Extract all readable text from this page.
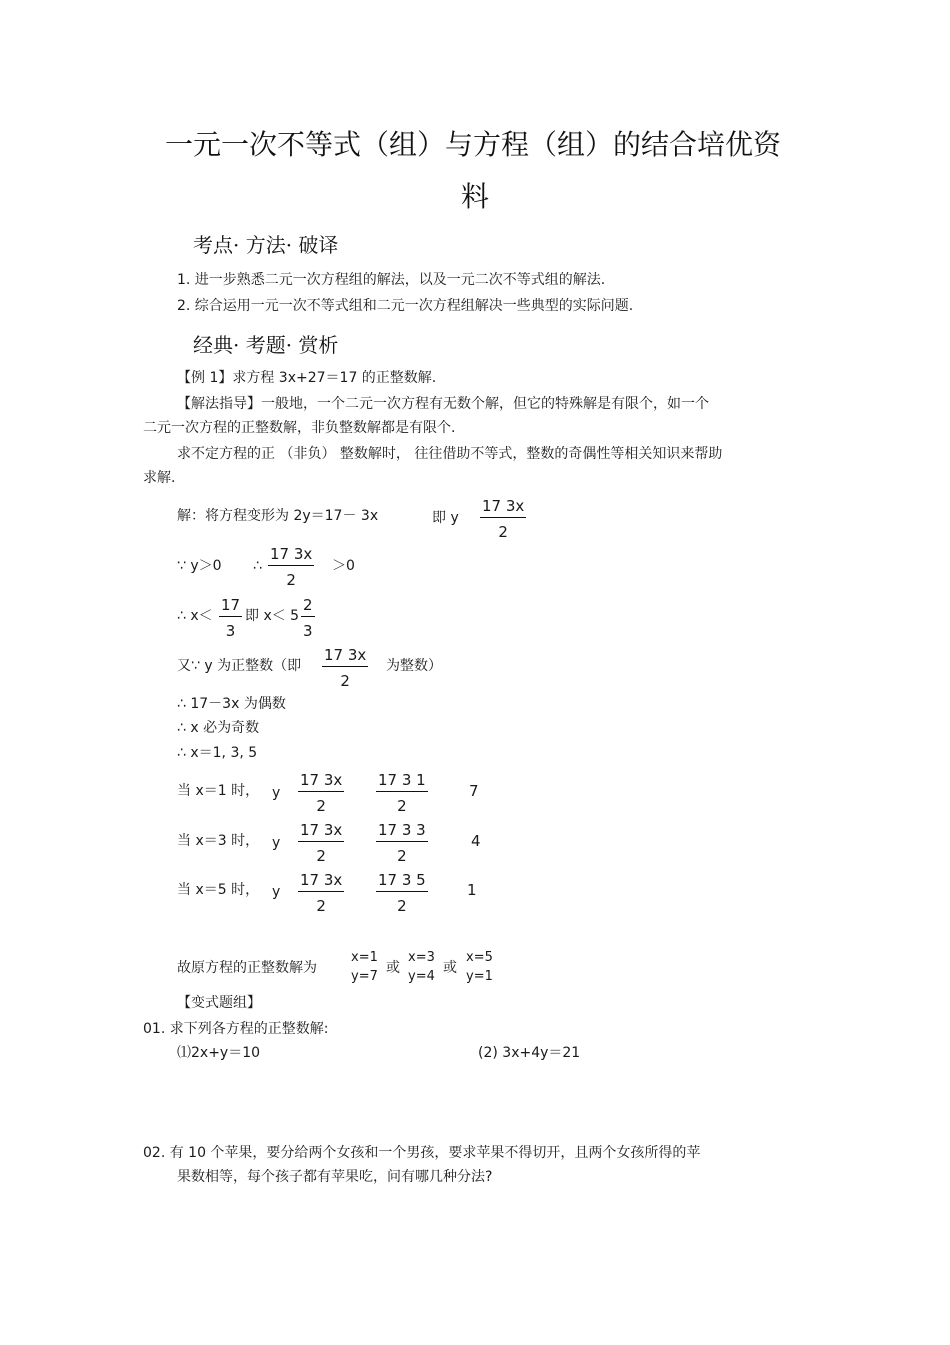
一元一次不等式（组）与方程（组）的结合培优资
料
考点· 方法· 破译
1. 进一步熟悉二元一次方程组的解法，以及一元二次不等式组的解法.
2. 综合运用一元一次不等式组和二元一次方程组解决一些典型的实际问题.
经典· 考题· 赏析
【例 1】求方程 3x+27＝17 的正整数解.
【解法指导】一般地，一个二元一次方程有无数个解，但它的特殊解是有限个，如一个
二元一次方程的正整数解，非负整数解都是有限个.
求不定方程的正 （非负） 整数解时， 往往借助不等式，整数的奇偶性等相关知识来帮助
求解.
解：将方程变形为 2y＝17－ 3x	即 y $\frac{17 3x}{2}$
∵ y＞0 ∴ $\frac{17 3x}{2} >0$
∴ $x< \frac{17}{3}$ 即 $x< 5 \frac{2}{3}$
又∵ y 为正整数（即 $\frac{17 3x}{2}$ 为整数）
∴ 17－3x 为偶数
∴ x 必为奇数
∴ x＝1, 3, 5
当 x＝1 时， y $\frac{17 3x}{2} \frac{17 3 1}{2}$	7
当 x＝3 时， y $\frac{17 3x}{2} \frac{17 3 3}{2}$	4
当 x＝5 时， y $\frac{17 3x}{2} \frac{17 3 5}{2}$	1
故原方程的正整数解为
x=1
y=7
或
x=3
y=4
或
x=5
y=1
【变式题组】
01. 求下列各方程的正整数解:
⑴2x+y＝10	(2) 3x+4y＝21
02. 有 10 个苹果，要分给两个女孩和一个男孩，要求苹果不得切开，且两个女孩所得的苹
果数相等，每个孩子都有苹果吃，问有哪几种分法?
